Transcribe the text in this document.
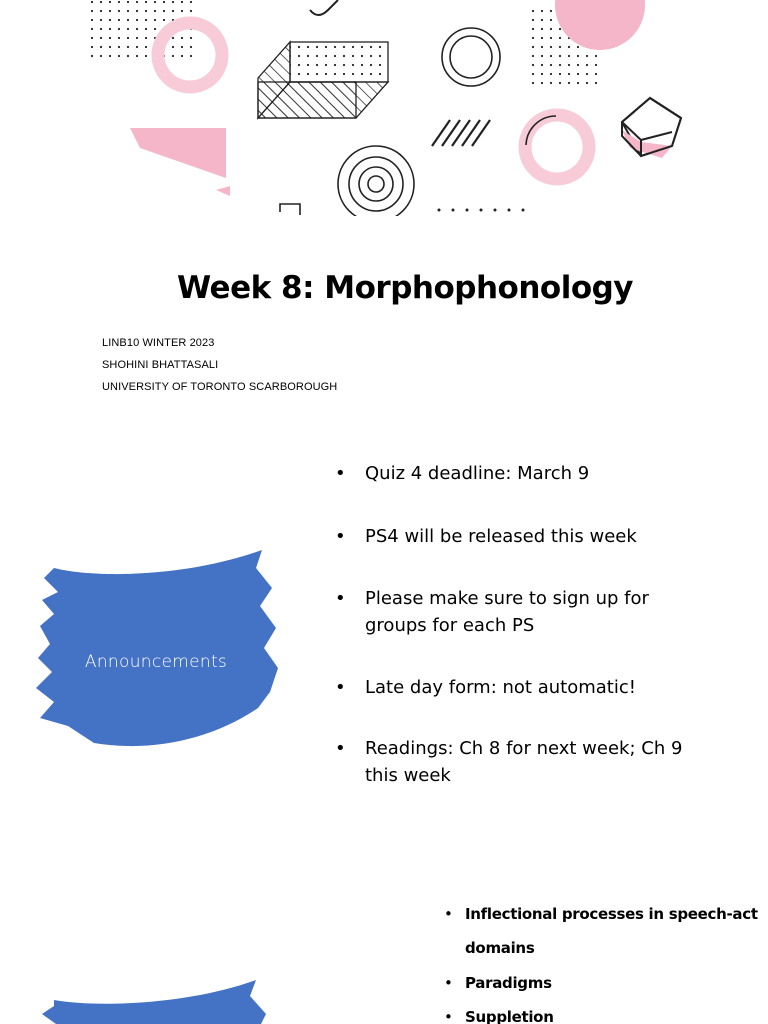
Week 8: Morphophonology
LINB10 WINTER 2023
SHOHINI BHATTASALI
UNIVERSITY OF TORONTO SCARBOROUGH
Announcements
• Quiz 4 deadline: March 9
• PS4 will be released this week
• Please make sure to sign up for groups for each PS
• Late day form: not automatic!
• Readings: Ch 8 for next week; Ch 9 this week
• Inflectional processes in speech-act domains
• Paradigms
• Suppletion
